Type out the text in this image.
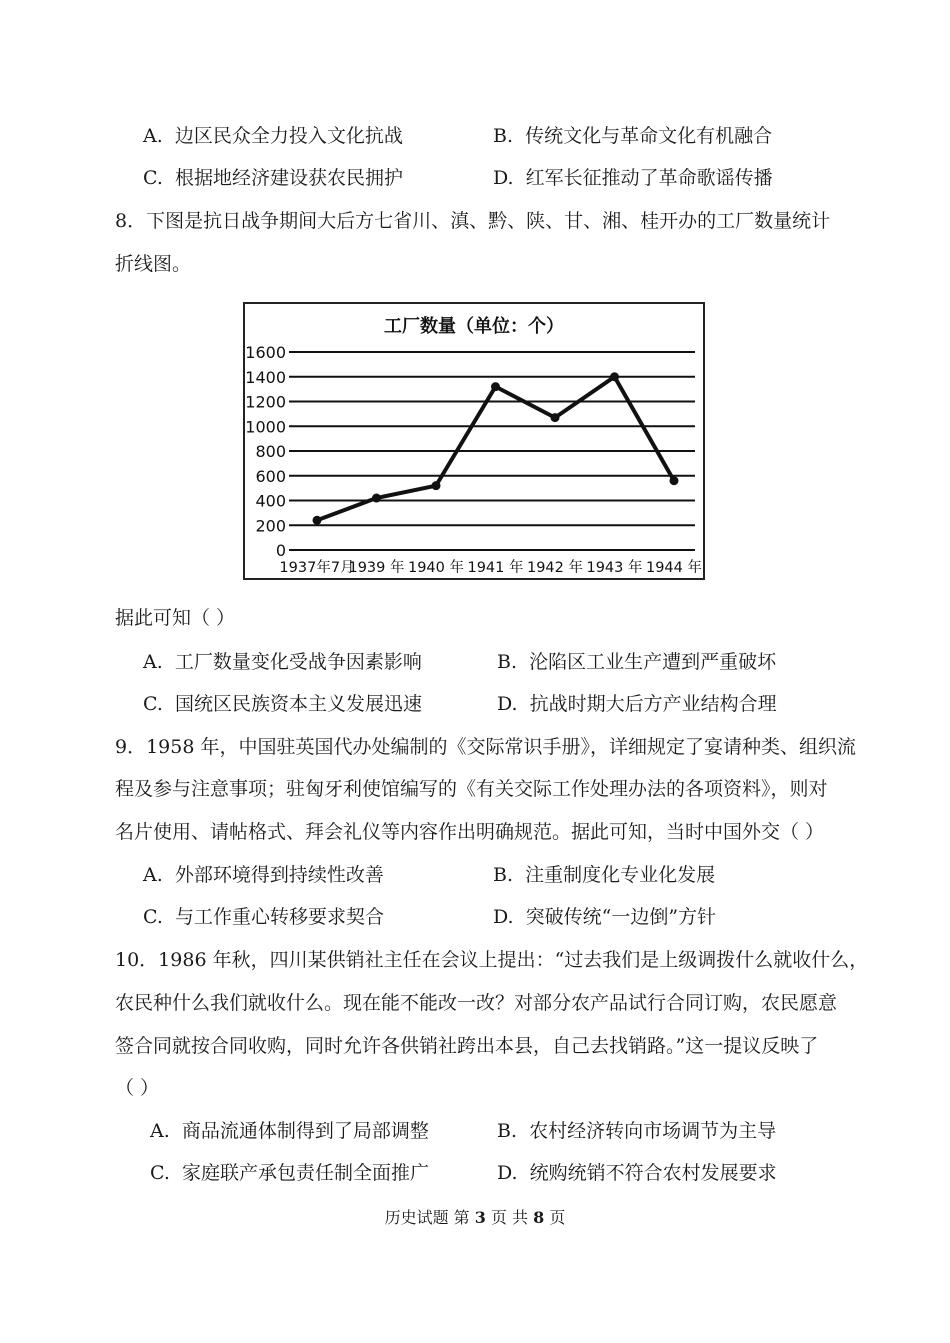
A. 边区民众全力投入文化抗战	B. 传统文化与革命文化有机融合
C. 根据地经济建设获农民拥护	D. 红军长征推动了革命歌谣传播
8．下图是抗日战争期间大后方七省川、滇、黔、陕、甘、湘、桂开办的工厂数量统计
折线图。
0
200
400
600
800
1000
1200
1400
1600
1937年7月
1939 年 1940 年 1941 年 1942 年 1943 年 1944 年
工厂数量（单位：个）
据此可知（ ）
A. 工厂数量变化受战争因素影响	B. 沦陷区工业生产遭到严重破坏
C. 国统区民族资本主义发展迅速	D. 抗战时期大后方产业结构合理
9．1958 年，中国驻英国代办处编制的《交际常识手册》，详细规定了宴请种类、组织流
程及参与注意事项；驻匈牙利使馆编写的《有关交际工作处理办法的各项资料》，则对
名片使用、请帖格式、拜会礼仪等内容作出明确规范。据此可知，当时中国外交（ ）
A. 外部环境得到持续性改善	B. 注重制度化专业化发展
C. 与工作重心转移要求契合	D. 突破传统“一边倒”方针
10．1986 年秋，四川某供销社主任在会议上提出：“过去我们是上级调拨什么就收什么，
农民种什么我们就收什么。现在能不能改一改？对部分农产品试行合同订购，农民愿意
签合同就按合同收购，同时允许各供销社跨出本县，自己去找销路。”这一提议反映了
（ ）
A. 商品流通体制得到了局部调整	B. 农村经济转向市场调节为主导
C. 家庭联产承包责任制全面推广	D. 统购统销不符合农村发展要求
历史试题 第 3 页 共 8 页
